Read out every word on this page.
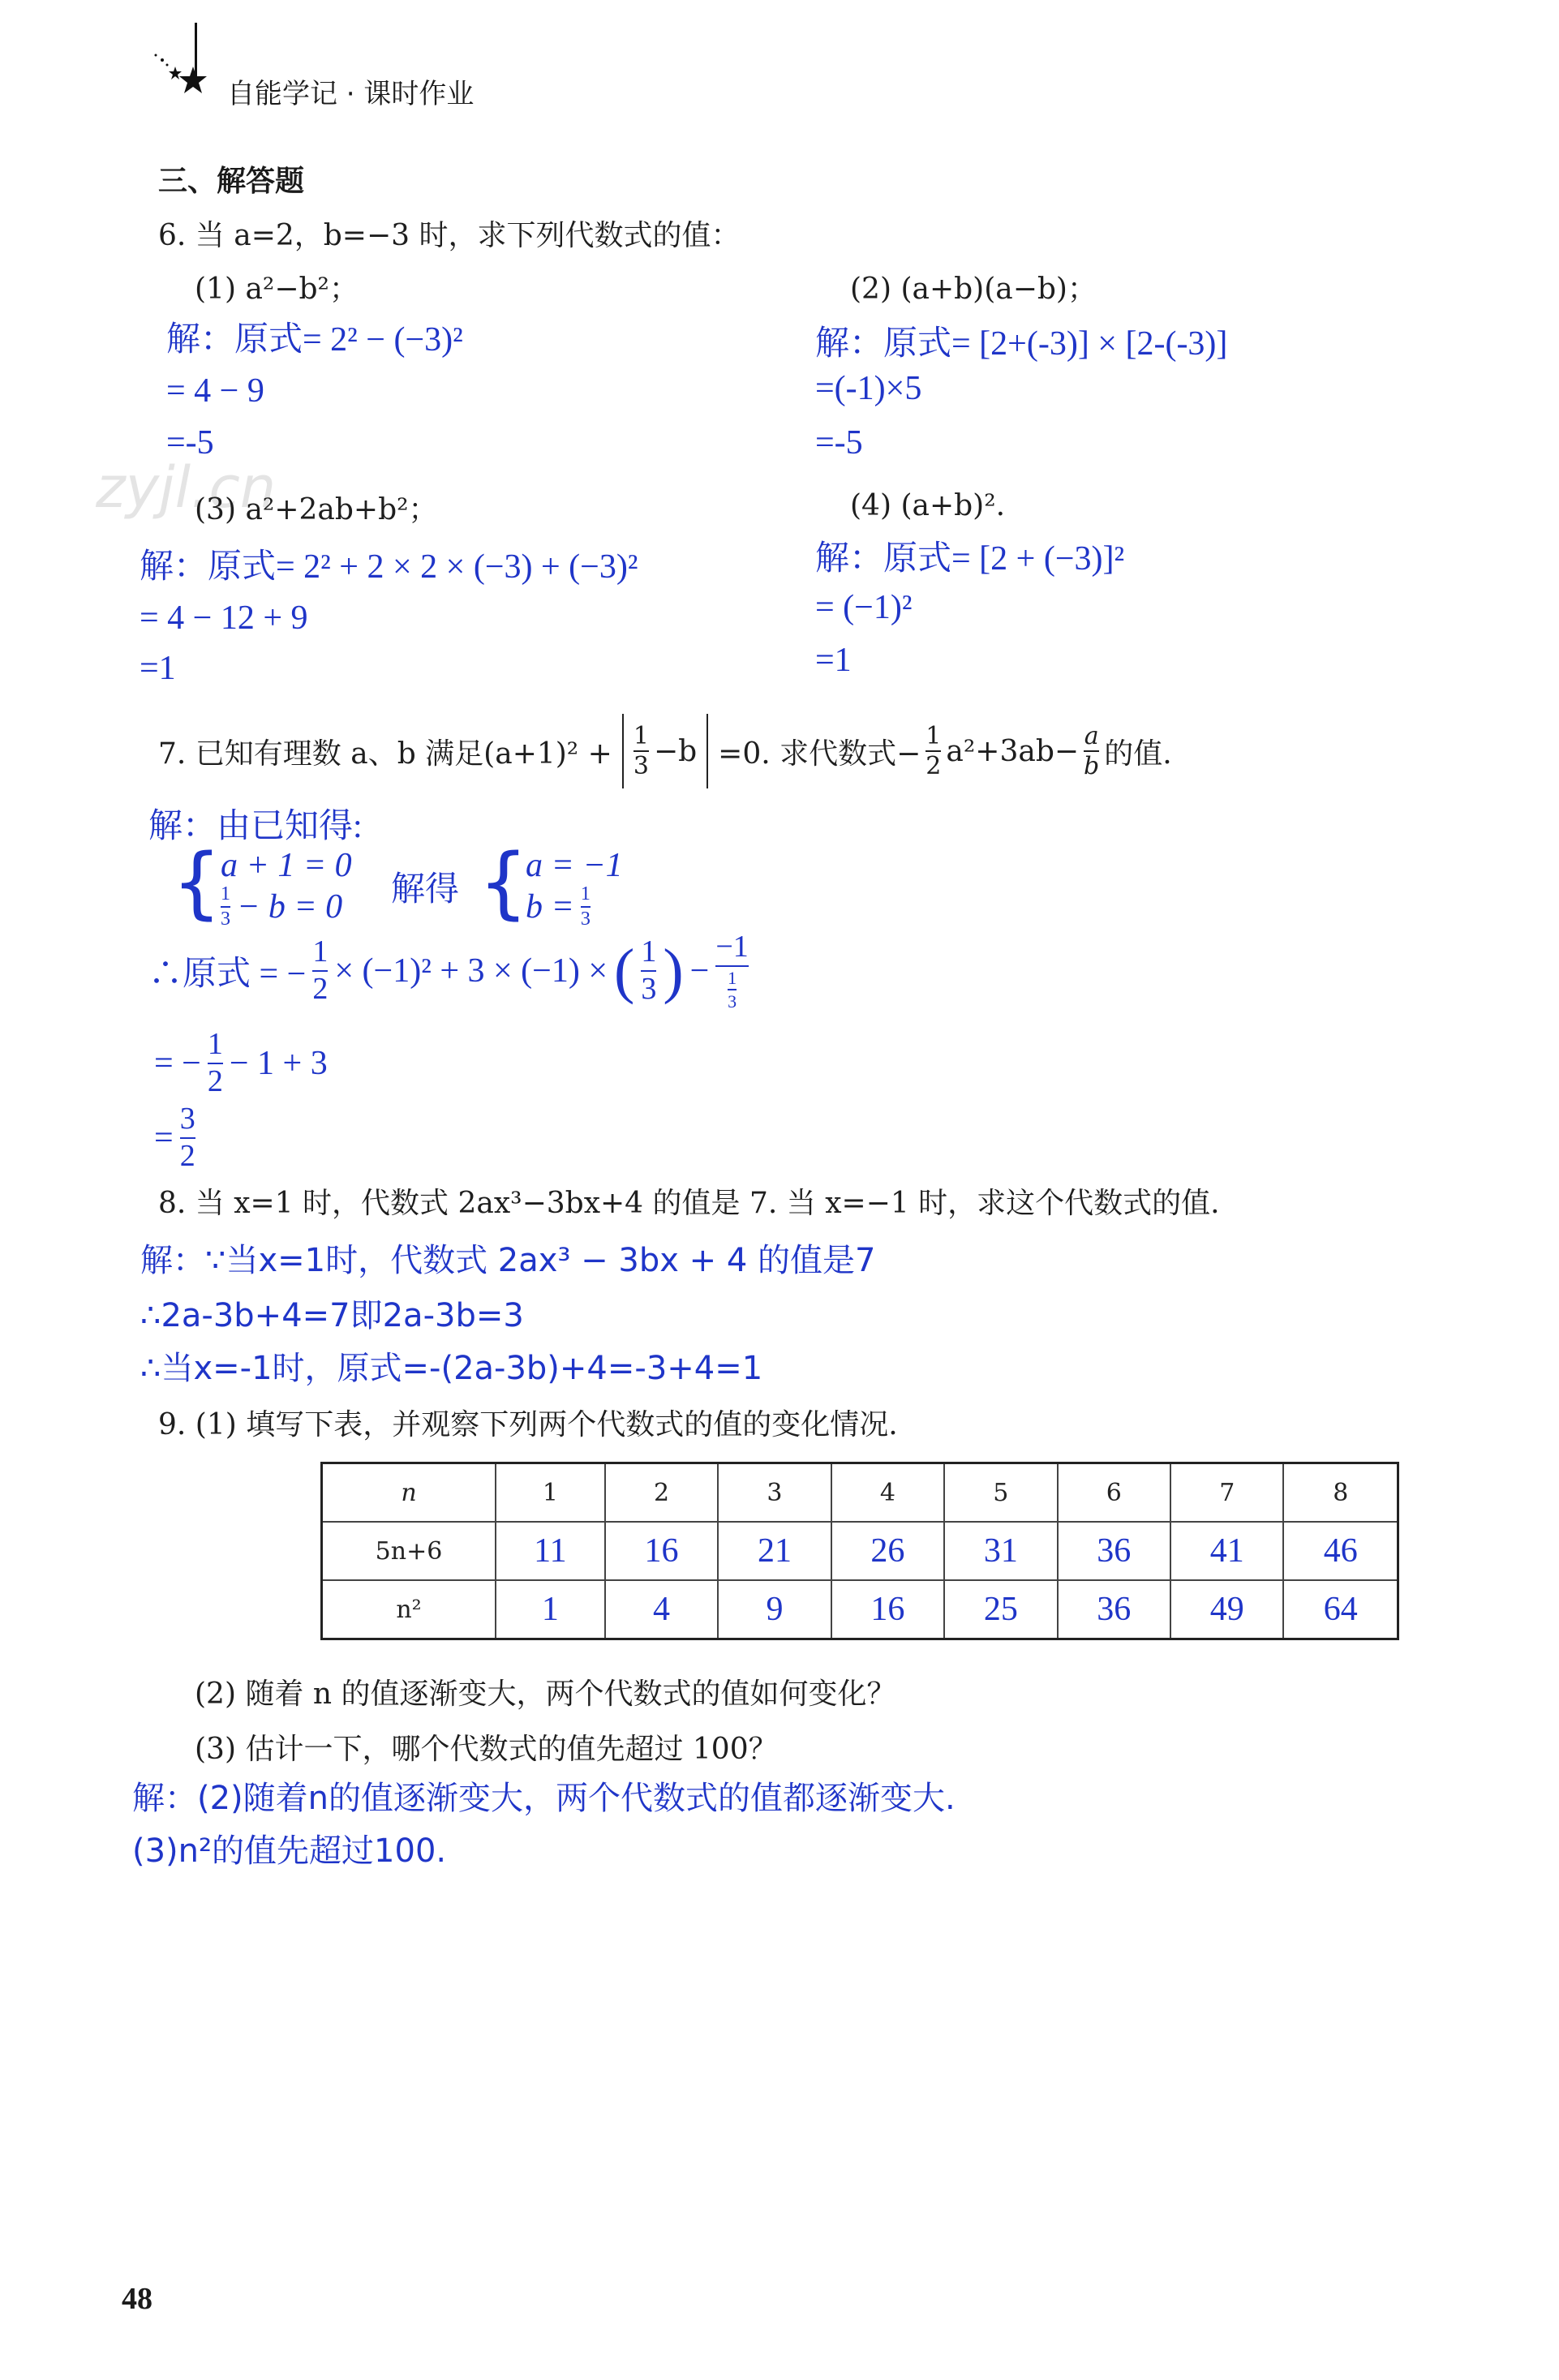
自能学记 · 课时作业
三、解答题
zyjl.cn
6. 当 a=2，b=−3 时，求下列代数式的值：
(1) a²−b²；
解：原式= 2² − (−3)²
= 4 − 9
=-5
(2) (a+b)(a−b)；
解：原式= [2+(-3)] × [2-(-3)]
=(-1)×5
=-5
(3) a²+2ab+b²；
解：原式= 2² + 2 × 2 × (−3) + (−3)²
= 4 − 12 + 9
=1
(4) (a+b)².
解：原式= [2 + (−3)]²
= (−1)²
=1
7. 已知有理数 a、b 满足$(a+1)^2 + \frac{1}{3} -b =0$. 求代数式− $\frac{1}{2} a^2+3ab- \frac{a}{b}$ 的值.
解：由已知得:
{
a + 1 = 0
$\frac{1}{3} - b = 0$ 解得 {
a = −1
$b = \frac{1}{3}$
∴原式 = − $\frac{1}{2} \times (-1)^2 + 3 \times (-1)$ × ( $\frac{1}{3}$ ) − $\frac{-1}{\frac{1}{3}}$
= − $\frac{1}{2} - 1 + 3$
= $\frac{3}{2}$
8. 当 x=1 时，代数式 2ax³−3bx+4 的值是 7. 当 x=−1 时，求这个代数式的值.
解：∵当x=1时，代数式 2ax³ − 3bx + 4 的值是7
∴2a-3b+4=7即2a-3b=3
∴当x=-1时，原式=-(2a-3b)+4=-3+4=1
9. (1) 填写下表，并观察下列两个代数式的值的变化情况.
n	1	2	3	4	5	6	7	8
5n+6	11	16	21	26	31	36	41	46
n²	1	4	9	16	25	36	49	64
(2) 随着 n 的值逐渐变大，两个代数式的值如何变化？
(3) 估计一下，哪个代数式的值先超过 100？
解：(2)随着n的值逐渐变大，两个代数式的值都逐渐变大.
(3)n²的值先超过100.
48
